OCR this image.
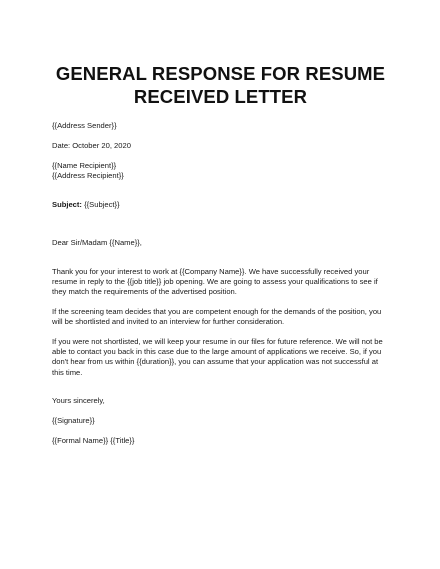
GENERAL RESPONSE FOR RESUME
RECEIVED LETTER

{{Address Sender}}

Date: October 20, 2020

{{Name Recipient}}

{{Address Recipient}}

Subject: {{Subject}}

Dear Sir/Madam {{Name}},

Thank you for your interest to work at {{Company Name}}. We have successfully received your resume in reply to the {{job title}} job opening. We are going to assess your qualifications to see if they match the requirements of the advertised position.

If the screening team decides that you are competent enough for the demands of the position, you will be shortlisted and invited to an interview for further consideration.

If you were not shortlisted, we will keep your resume in our files for future reference. We will not be able to contact you back in this case due to the large amount of applications we receive. So, if you don't hear from us within {{duration}}, you can assume that your application was not successful at this time.

Yours sincerely,

{{Signature}}

{{Formal Name}} {{Title}}
